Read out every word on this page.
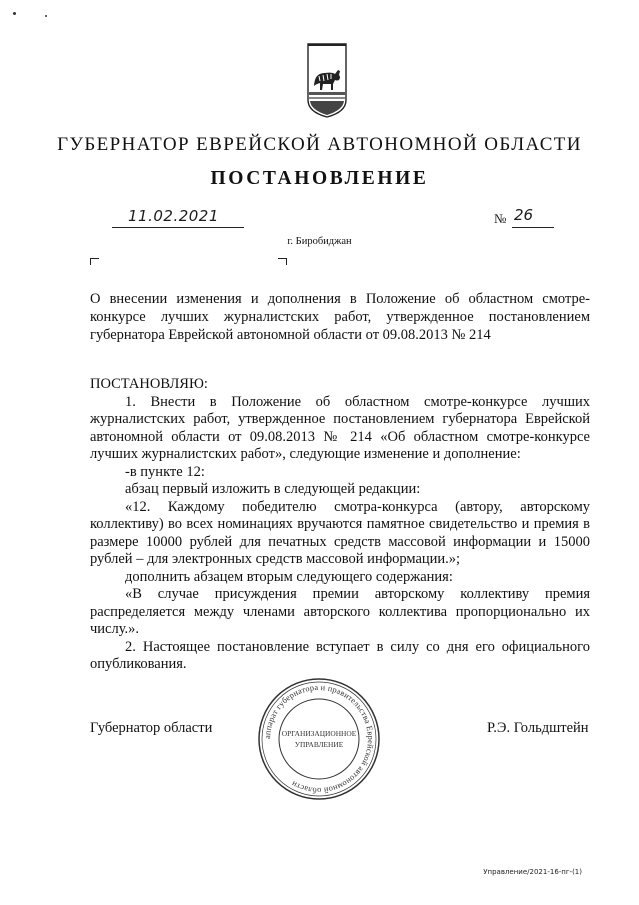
ГУБЕРНАТОР ЕВРЕЙСКОЙ АВТОНОМНОЙ ОБЛАСТИ
ПОСТАНОВЛЕНИЕ
11.02.2021	№ 26
г. Биробиджан
О внесении изменения и дополнения в Положение об областном смотре-конкурсе лучших журналистских работ, утвержденное постановлением губернатора Еврейской автономной области от 09.08.2013 № 214

ПОСТАНОВЛЯЮ:

1. Внести в Положение об областном смотре-конкурсе лучших журналистских работ, утвержденное постановлением губернатора Еврейской автономной области от 09.08.2013 № 214 «Об областном смотре-конкурсе лучших журналистских работ», следующие изменение и дополнение:

-в пункте 12:

абзац первый изложить в следующей редакции:

«12. Каждому победителю смотра-конкурса (автору, авторскому коллективу) во всех номинациях вручаются памятное свидетельство и премия в размере 10000 рублей для печатных средств массовой информации и 15000 рублей – для электронных средств массовой информации.»;

дополнить абзацем вторым следующего содержания:

«В случае присуждения премии авторскому коллективу премия распределяется между членами авторского коллектива пропорционально их числу.».

2. Настоящее постановление вступает в силу со дня его официального опубликования.

Губернатор области
аппарат губернатора и правительства Еврейской автономной области
ОРГАНИЗАЦИОННОЕ
УПРАВЛЕНИЕ
Р.Э. Гольдштейн
Управление/2021-16-пг-(1)
